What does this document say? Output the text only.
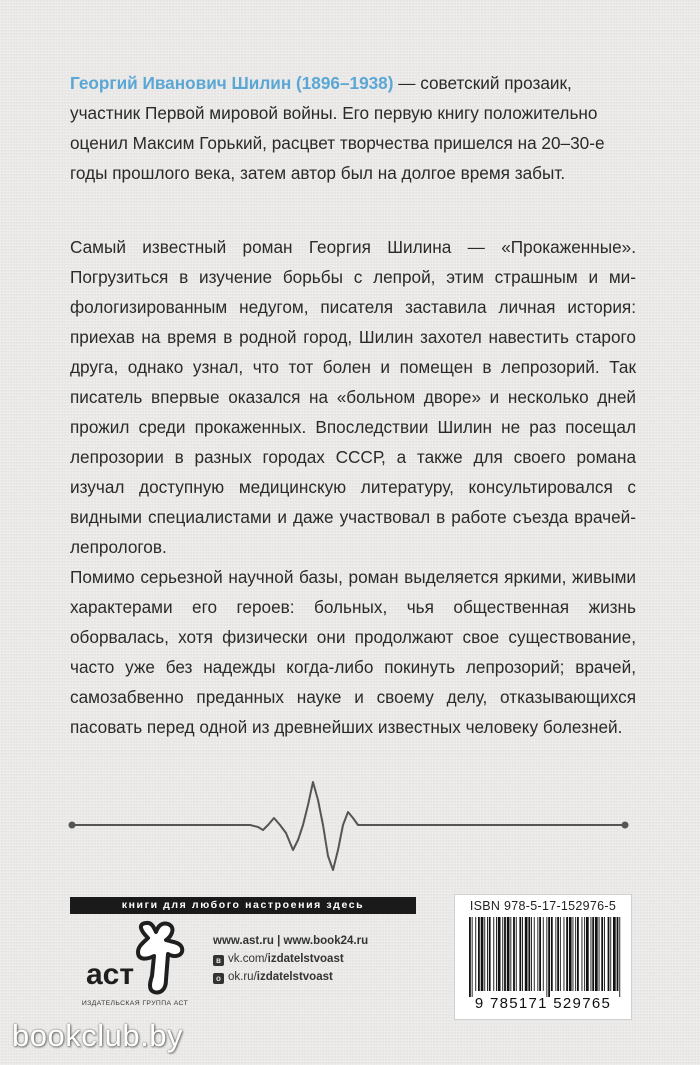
Георгий Иванович Шилин (1896–1938) — советский прозаик, участник Первой мировой войны. Его первую книгу положительно оценил Максим Горький, расцвет творчества пришелся на 20–30-е годы прошлого века, затем автор был на долгое время забыт.

Самый известный роман Георгия Шилина — «Прокаженные». Погрузиться в изучение борьбы с лепрой, этим страшным и мифологизированным недугом, писателя заставила личная история: приехав на время в родной город, Шилин захотел навестить старого друга, однако узнал, что тот болен и помещен в лепрозорий. Так писатель впервые оказался на «больном дворе» и несколько дней прожил среди прокаженных. Впоследствии Шилин не раз посещал лепрозории в разных городах СССР, а также для своего романа изучал доступную медицинскую литературу, консультировался с видными специалистами и даже участвовал в работе съезда врачей-лепрологов.

Помимо серьезной научной базы, роман выделяется яркими, живыми характерами его героев: больных, чья общественная жизнь оборвалась, хотя физически они продолжают свое существование, часто уже без надежды когда-либо покинуть лепрозорий; врачей, самозабвенно преданных науке и своему делу, отказывающихся пасовать перед одной из древнейших известных человеку болезней.

книги для любого настроения здесь
аст
ИЗДАТЕЛЬСКАЯ ГРУППА АСТ
www.ast.ru | www.book24.ru
в vk.com/izdatelstvoast
о ok.ru/izdatelstvoast
ISBN 978-5-17-152976-5
9 785171 529765
bookclub.by
